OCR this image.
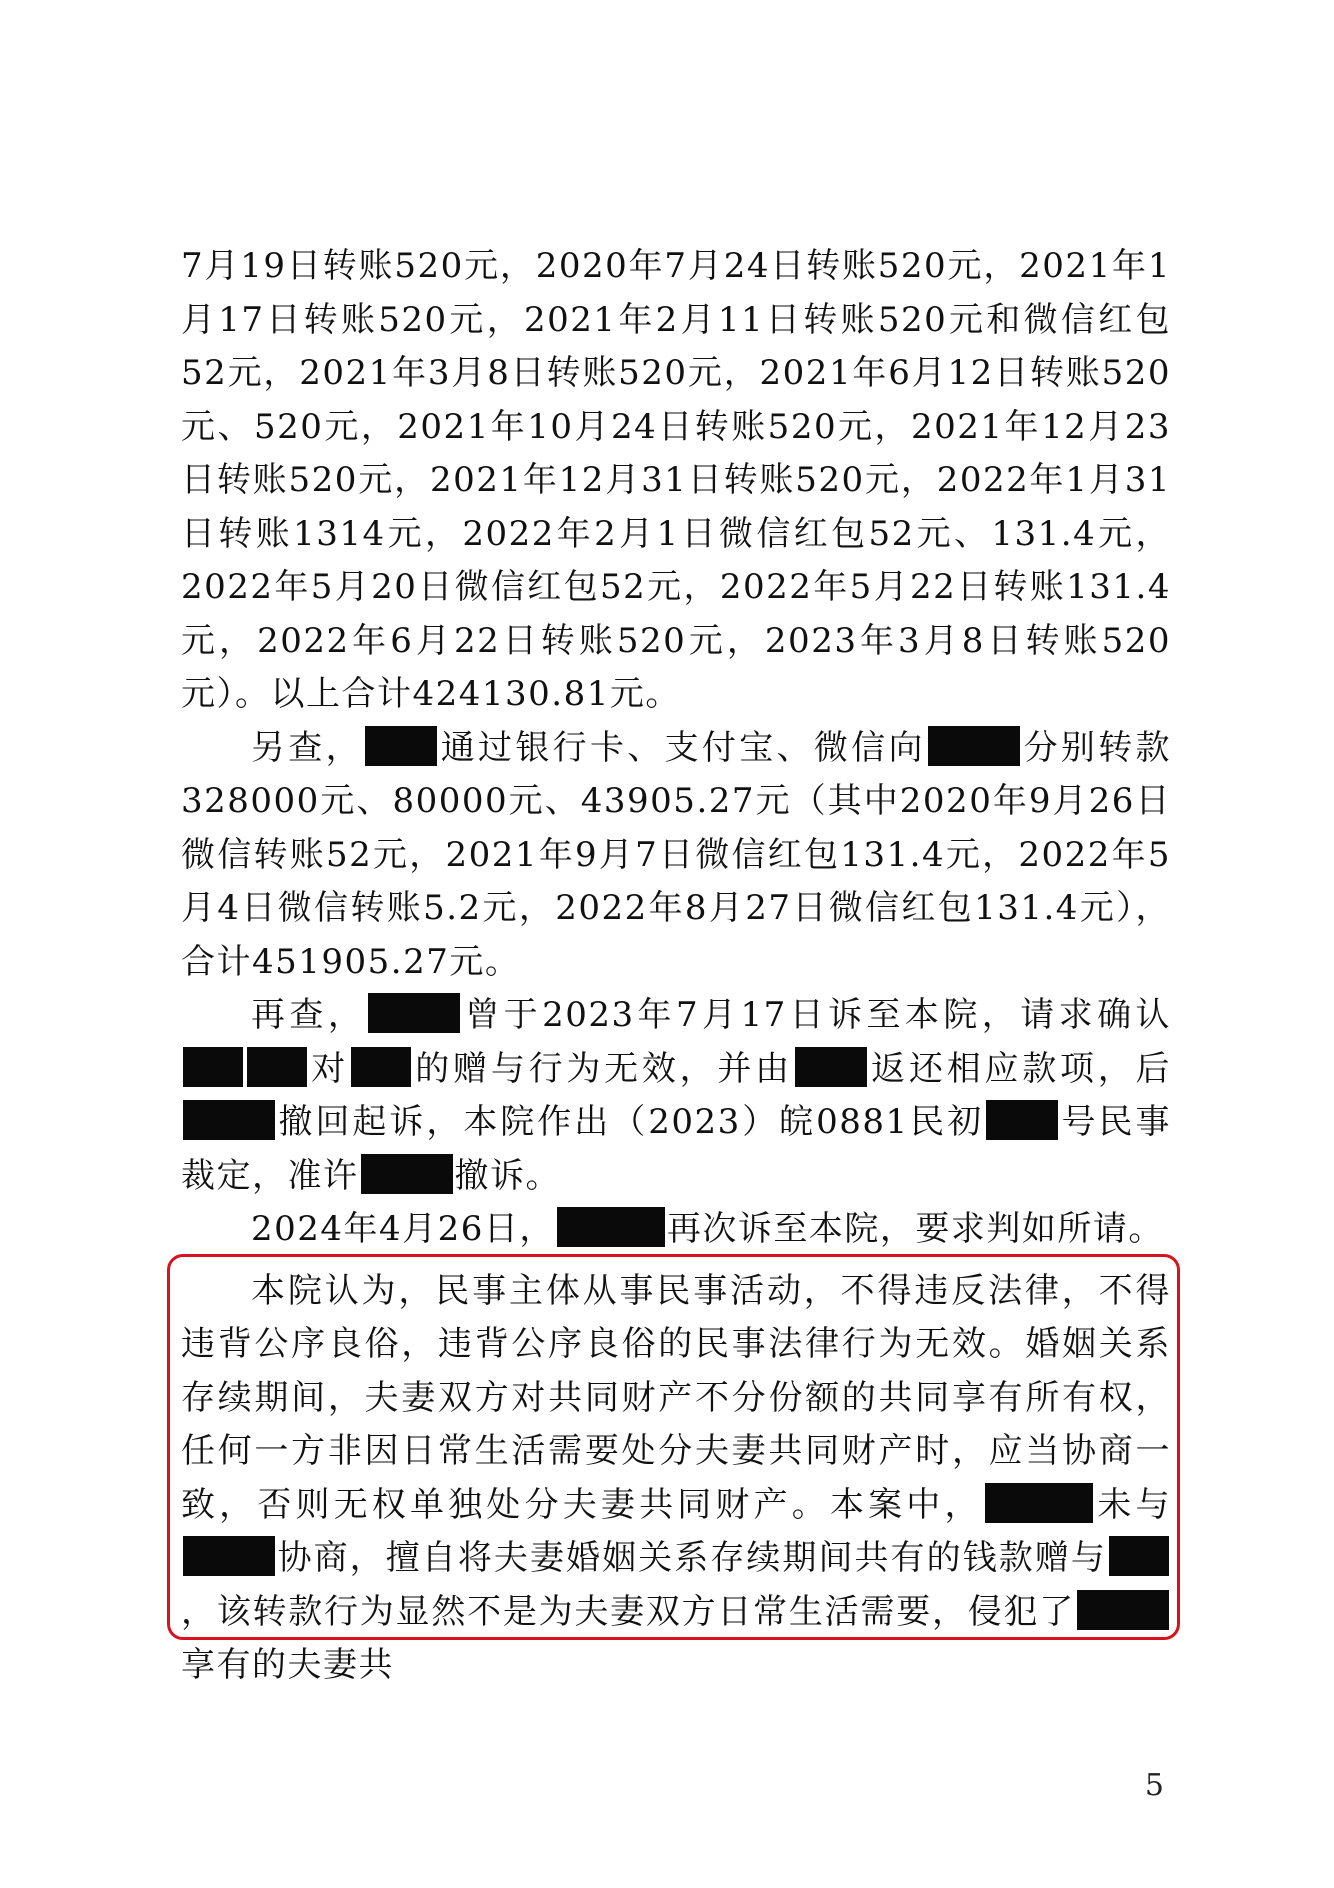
7月19日转账520元，2020年7月24日转账520元，2021年1月17日转账520元，2021年2月11日转账520元和微信红包52元，2021年3月8日转账520元，2021年6月12日转账520元、520元，2021年10月24日转账520元，2021年12月23日转账520元，2021年12月31日转账520元，2022年1月31日转账1314元，2022年2月1日微信红包52元、131.4元，2022年5月20日微信红包52元，2022年5月22日转账131.4元，2022年6月22日转账520元，2023年3月8日转账520元）。以上合计424130.81元。

另查， 通过银行卡、支付宝、微信向	分别转款328000元、80000元、43905.27元（其中2020年9月26日微信转账52元，2021年9月7日微信红包131.4元，2022年5月4日微信转账5.2元，2022年8月27日微信红包131.4元），合计451905.27元。

再查，	曾于2023年7月17日诉至本院，请求确认对 的赠与行为无效，并由 返还相应款项，后撤回起诉，本院作出（2023）皖0881民初 号民事裁定，准许	撤诉。

2024年4月26日，	再次诉至本院，要求判如所请。

本院认为，民事主体从事民事活动，不得违反法律，不得违背公序良俗，违背公序良俗的民事法律行为无效。婚姻关系存续期间，夫妻双方对共同财产不分份额的共同享有所有权，任何一方非因日常生活需要处分夫妻共同财产时，应当协商一致，否则无权单独处分夫妻共同财产。本案中，	未与协商，擅自将夫妻婚姻关系存续期间共有的钱款赠与，该转款行为显然不是为夫妻双方日常生活需要，侵犯了享有的夫妻共

5
